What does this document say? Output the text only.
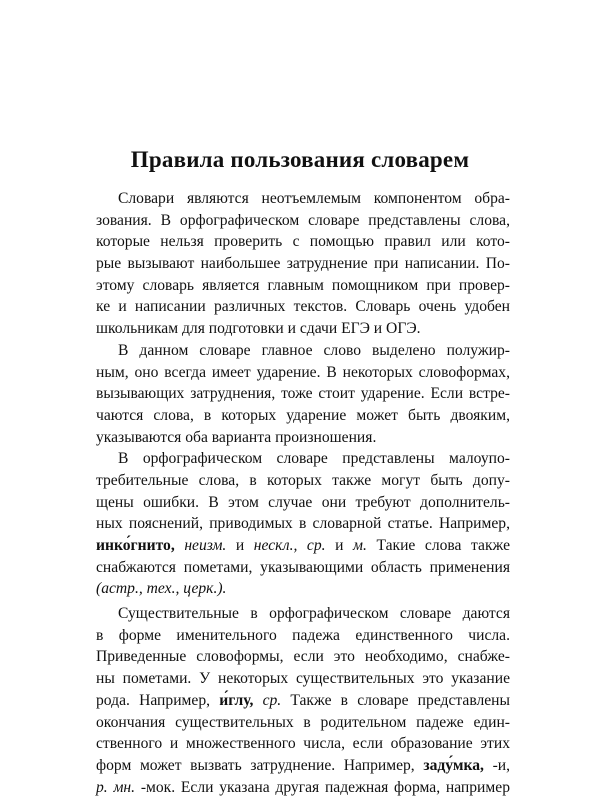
Правила пользования словарем
Словари являются неотъемлемым компонентом обра-
зования. В орфографическом словаре представлены слова,
которые нельзя проверить с помощью правил или кото-
рые вызывают наибольшее затруднение при написании. По-
этому словарь является главным помощником при провер-
ке и написании различных текстов. Словарь очень удобен
школьникам для подготовки и сдачи ЕГЭ и ОГЭ.
В данном словаре главное слово выделено полужир-
ным, оно всегда имеет ударение. В некоторых словоформах,
вызывающих затруднения, тоже стоит ударение. Если встре-
чаются слова, в которых ударение может быть двояким,
указываются оба варианта произношения.
В орфографическом словаре представлены малоупо-
требительные слова, в которых также могут быть допу-
щены ошибки. В этом случае они требуют дополнитель-
ных пояснений, приводимых в словарной статье. Например,
инко́гнито, неизм. и нескл., ср. и м. Такие слова также
снабжаются пометами, указывающими область применения
(астр., тех., церк.).
Существительные в орфографическом словаре даются
в форме именительного падежа единственного числа.
Приведенные словоформы, если это необходимо, снабже-
ны пометами. У некоторых существительных это указание
рода. Например, и́глу, ср. Также в словаре представлены
окончания существительных в родительном падеже един-
ственного и множественного числа, если образование этих
форм может вызвать затруднение. Например, заду́мка, -и,
р. мн. -мок. Если указана другая падежная форма, например
